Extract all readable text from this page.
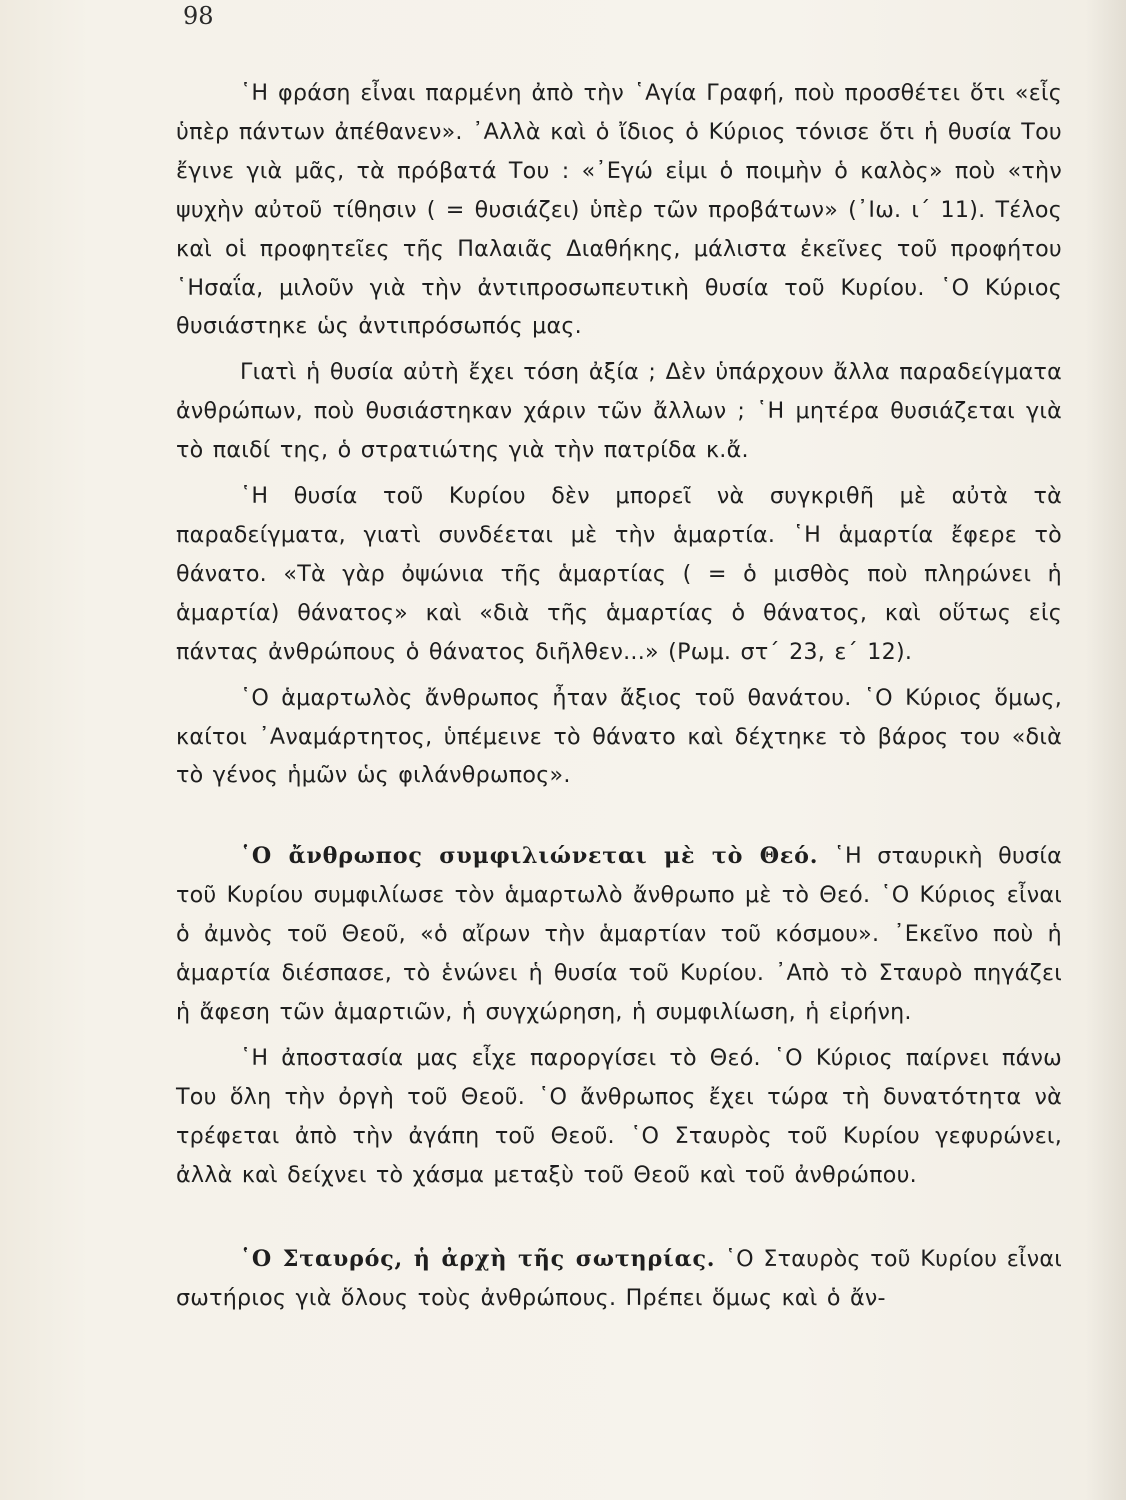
98

῾Η φράση εἶναι παρμένη ἀπὸ τὴν ῾Αγία Γραφή, ποὺ προσθέτει ὅτι «εἷς ὑπὲρ πάντων ἀπέθανεν». ᾿Αλλὰ καὶ ὁ ἴδιος ὁ Κύριος τόνισε ὅτι ἡ θυσία Του ἔγινε γιὰ μᾶς, τὰ πρόβατά Του : «᾿Εγώ εἰμι ὁ ποιμὴν ὁ καλὸς» ποὺ «τὴν ψυχὴν αὐτοῦ τίθησιν ( = θυσιάζει) ὑπὲρ τῶν προβάτων» (᾿Ιω. ι΄ 11). Τέλος καὶ οἱ προφητεῖες τῆς Παλαιᾶς Διαθήκης, μάλιστα ἐκεῖνες τοῦ προφήτου ῾Ησαΐα, μιλοῦν γιὰ τὴν ἀντιπροσωπευτικὴ θυσία τοῦ Κυρίου. ῾Ο Κύριος θυσιάστηκε ὡς ἀντιπρόσωπός μας.

Γιατὶ ἡ θυσία αὐτὴ ἔχει τόση ἀξία ; Δὲν ὑπάρχουν ἄλλα παραδείγματα ἀνθρώπων, ποὺ θυσιάστηκαν χάριν τῶν ἄλλων ; ῾Η μητέρα θυσιάζεται γιὰ τὸ παιδί της, ὁ στρατιώτης γιὰ τὴν πατρίδα κ.ἄ.

῾Η θυσία τοῦ Κυρίου δὲν μπορεῖ νὰ συγκριθῆ μὲ αὐτὰ τὰ παραδείγματα, γιατὶ συνδέεται μὲ τὴν ἁμαρτία. ῾Η ἁμαρτία ἔφερε τὸ θάνατο. «Τὰ γὰρ ὀψώνια τῆς ἁμαρτίας ( = ὁ μισθὸς ποὺ πληρώνει ἡ ἁμαρτία) θάνατος» καὶ «διὰ τῆς ἁμαρτίας ὁ θάνατος, καὶ οὕτως εἰς πάντας ἀνθρώπους ὁ θάνατος διῆλθεν...» (Ρωμ. στ΄ 23, ε΄ 12).

῾Ο ἁμαρτωλὸς ἄνθρωπος ἦταν ἄξιος τοῦ θανάτου. ῾Ο Κύριος ὅμως, καίτοι ᾿Αναμάρτητος, ὑπέμεινε τὸ θάνατο καὶ δέχτηκε τὸ βάρος του «διὰ τὸ γένος ἡμῶν ὡς φιλάνθρωπος».

῾Ο ἄνθρωπος συμφιλιώνεται μὲ τὸ Θεό. ῾Η σταυρικὴ θυσία τοῦ Κυρίου συμφιλίωσε τὸν ἁμαρτωλὸ ἄνθρωπο μὲ τὸ Θεό. ῾Ο Κύριος εἶναι ὁ ἀμνὸς τοῦ Θεοῦ, «ὁ αἴρων τὴν ἁμαρτίαν τοῦ κόσμου». ᾿Εκεῖνο ποὺ ἡ ἁμαρτία διέσπασε, τὸ ἑνώνει ἡ θυσία τοῦ Κυρίου. ᾿Απὸ τὸ Σταυρὸ πηγάζει ἡ ἄφεση τῶν ἁμαρτιῶν, ἡ συγχώρηση, ἡ συμφιλίωση, ἡ εἰρήνη.

῾Η ἀποστασία μας εἶχε παροργίσει τὸ Θεό. ῾Ο Κύριος παίρνει πάνω Του ὅλη τὴν ὀργὴ τοῦ Θεοῦ. ῾Ο ἄνθρωπος ἔχει τώρα τὴ δυνατότητα νὰ τρέφεται ἀπὸ τὴν ἀγάπη τοῦ Θεοῦ. ῾Ο Σταυρὸς τοῦ Κυρίου γεφυρώνει, ἀλλὰ καὶ δείχνει τὸ χάσμα μεταξὺ τοῦ Θεοῦ καὶ τοῦ ἀνθρώπου.

῾Ο Σταυρός, ἡ ἀρχὴ τῆς σωτηρίας. ῾Ο Σταυρὸς τοῦ Κυρίου εἶναι σωτήριος γιὰ ὅλους τοὺς ἀνθρώπους. Πρέπει ὅμως καὶ ὁ ἄν-
